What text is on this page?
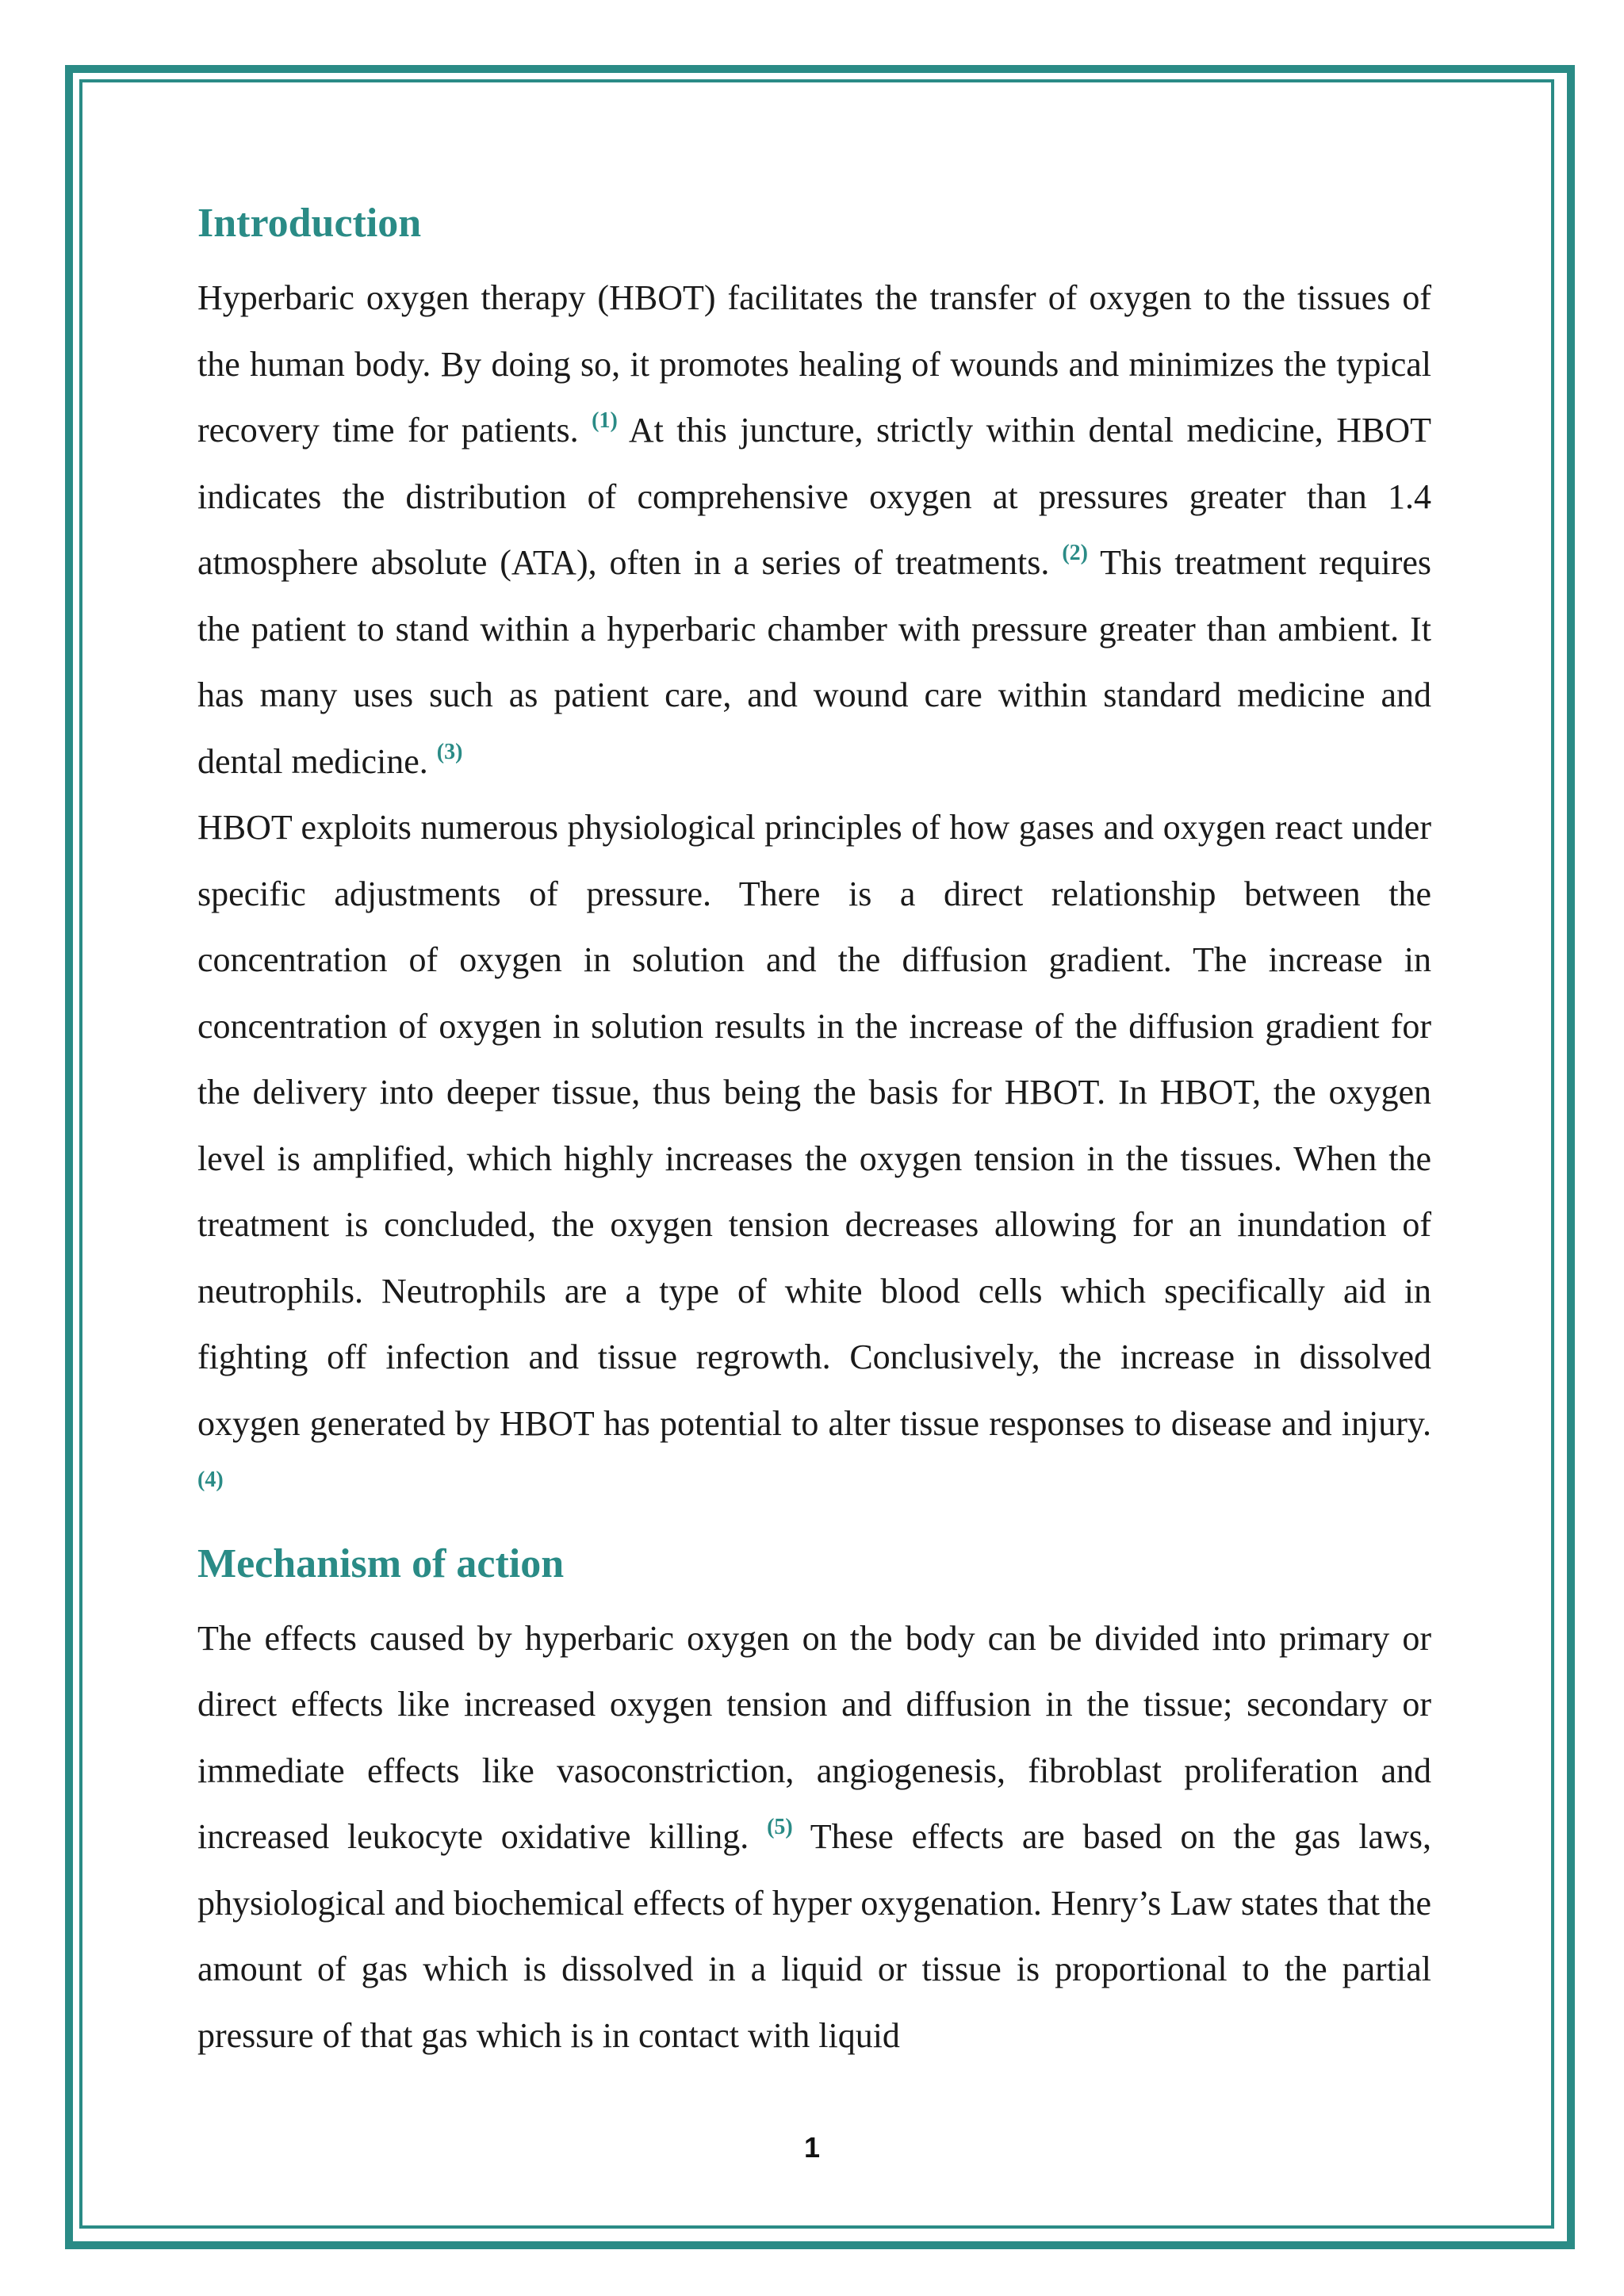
Introduction

Hyperbaric oxygen therapy (HBOT) facilitates the transfer of oxygen to the tissues of the human body. By doing so, it promotes healing of wounds and minimizes the typical recovery time for patients. $^{(1)}$ At this juncture, strictly within dental medicine, HBOT indicates the distribution of comprehensive oxygen at pressures greater than 1.4 atmosphere absolute (ATA), often in a series of treatments. $^{(2)}$ This treatment requires the patient to stand within a hyperbaric chamber with pressure greater than ambient. It has many uses such as patient care, and wound care within standard medicine and dental medicine. $^{(3)}$

HBOT exploits numerous physiological principles of how gases and oxygen react under specific adjustments of pressure. There is a direct relationship between the concentration of oxygen in solution and the diffusion gradient. The increase in concentration of oxygen in solution results in the increase of the diffusion gradient for the delivery into deeper tissue, thus being the basis for HBOT. In HBOT, the oxygen level is amplified, which highly increases the oxygen tension in the tissues. When the treatment is concluded, the oxygen tension decreases allowing for an inundation of neutrophils. Neutrophils are a type of white blood cells which specifically aid in fighting off infection and tissue regrowth. Conclusively, the increase in dissolved oxygen generated by HBOT has potential to alter tissue responses to disease and injury. $^{(4)}$

Mechanism of action

The effects caused by hyperbaric oxygen on the body can be divided into primary or direct effects like increased oxygen tension and diffusion in the tissue; secondary or immediate effects like vasoconstriction, angiogenesis, fibroblast proliferation and increased leukocyte oxidative killing. $^{(5)}$ These effects are based on the gas laws, physiological and biochemical effects of hyper oxygenation. Henry’s Law states that the amount of gas which is dissolved in a liquid or tissue is proportional to the partial pressure of that gas which is in contact with liquid

1
